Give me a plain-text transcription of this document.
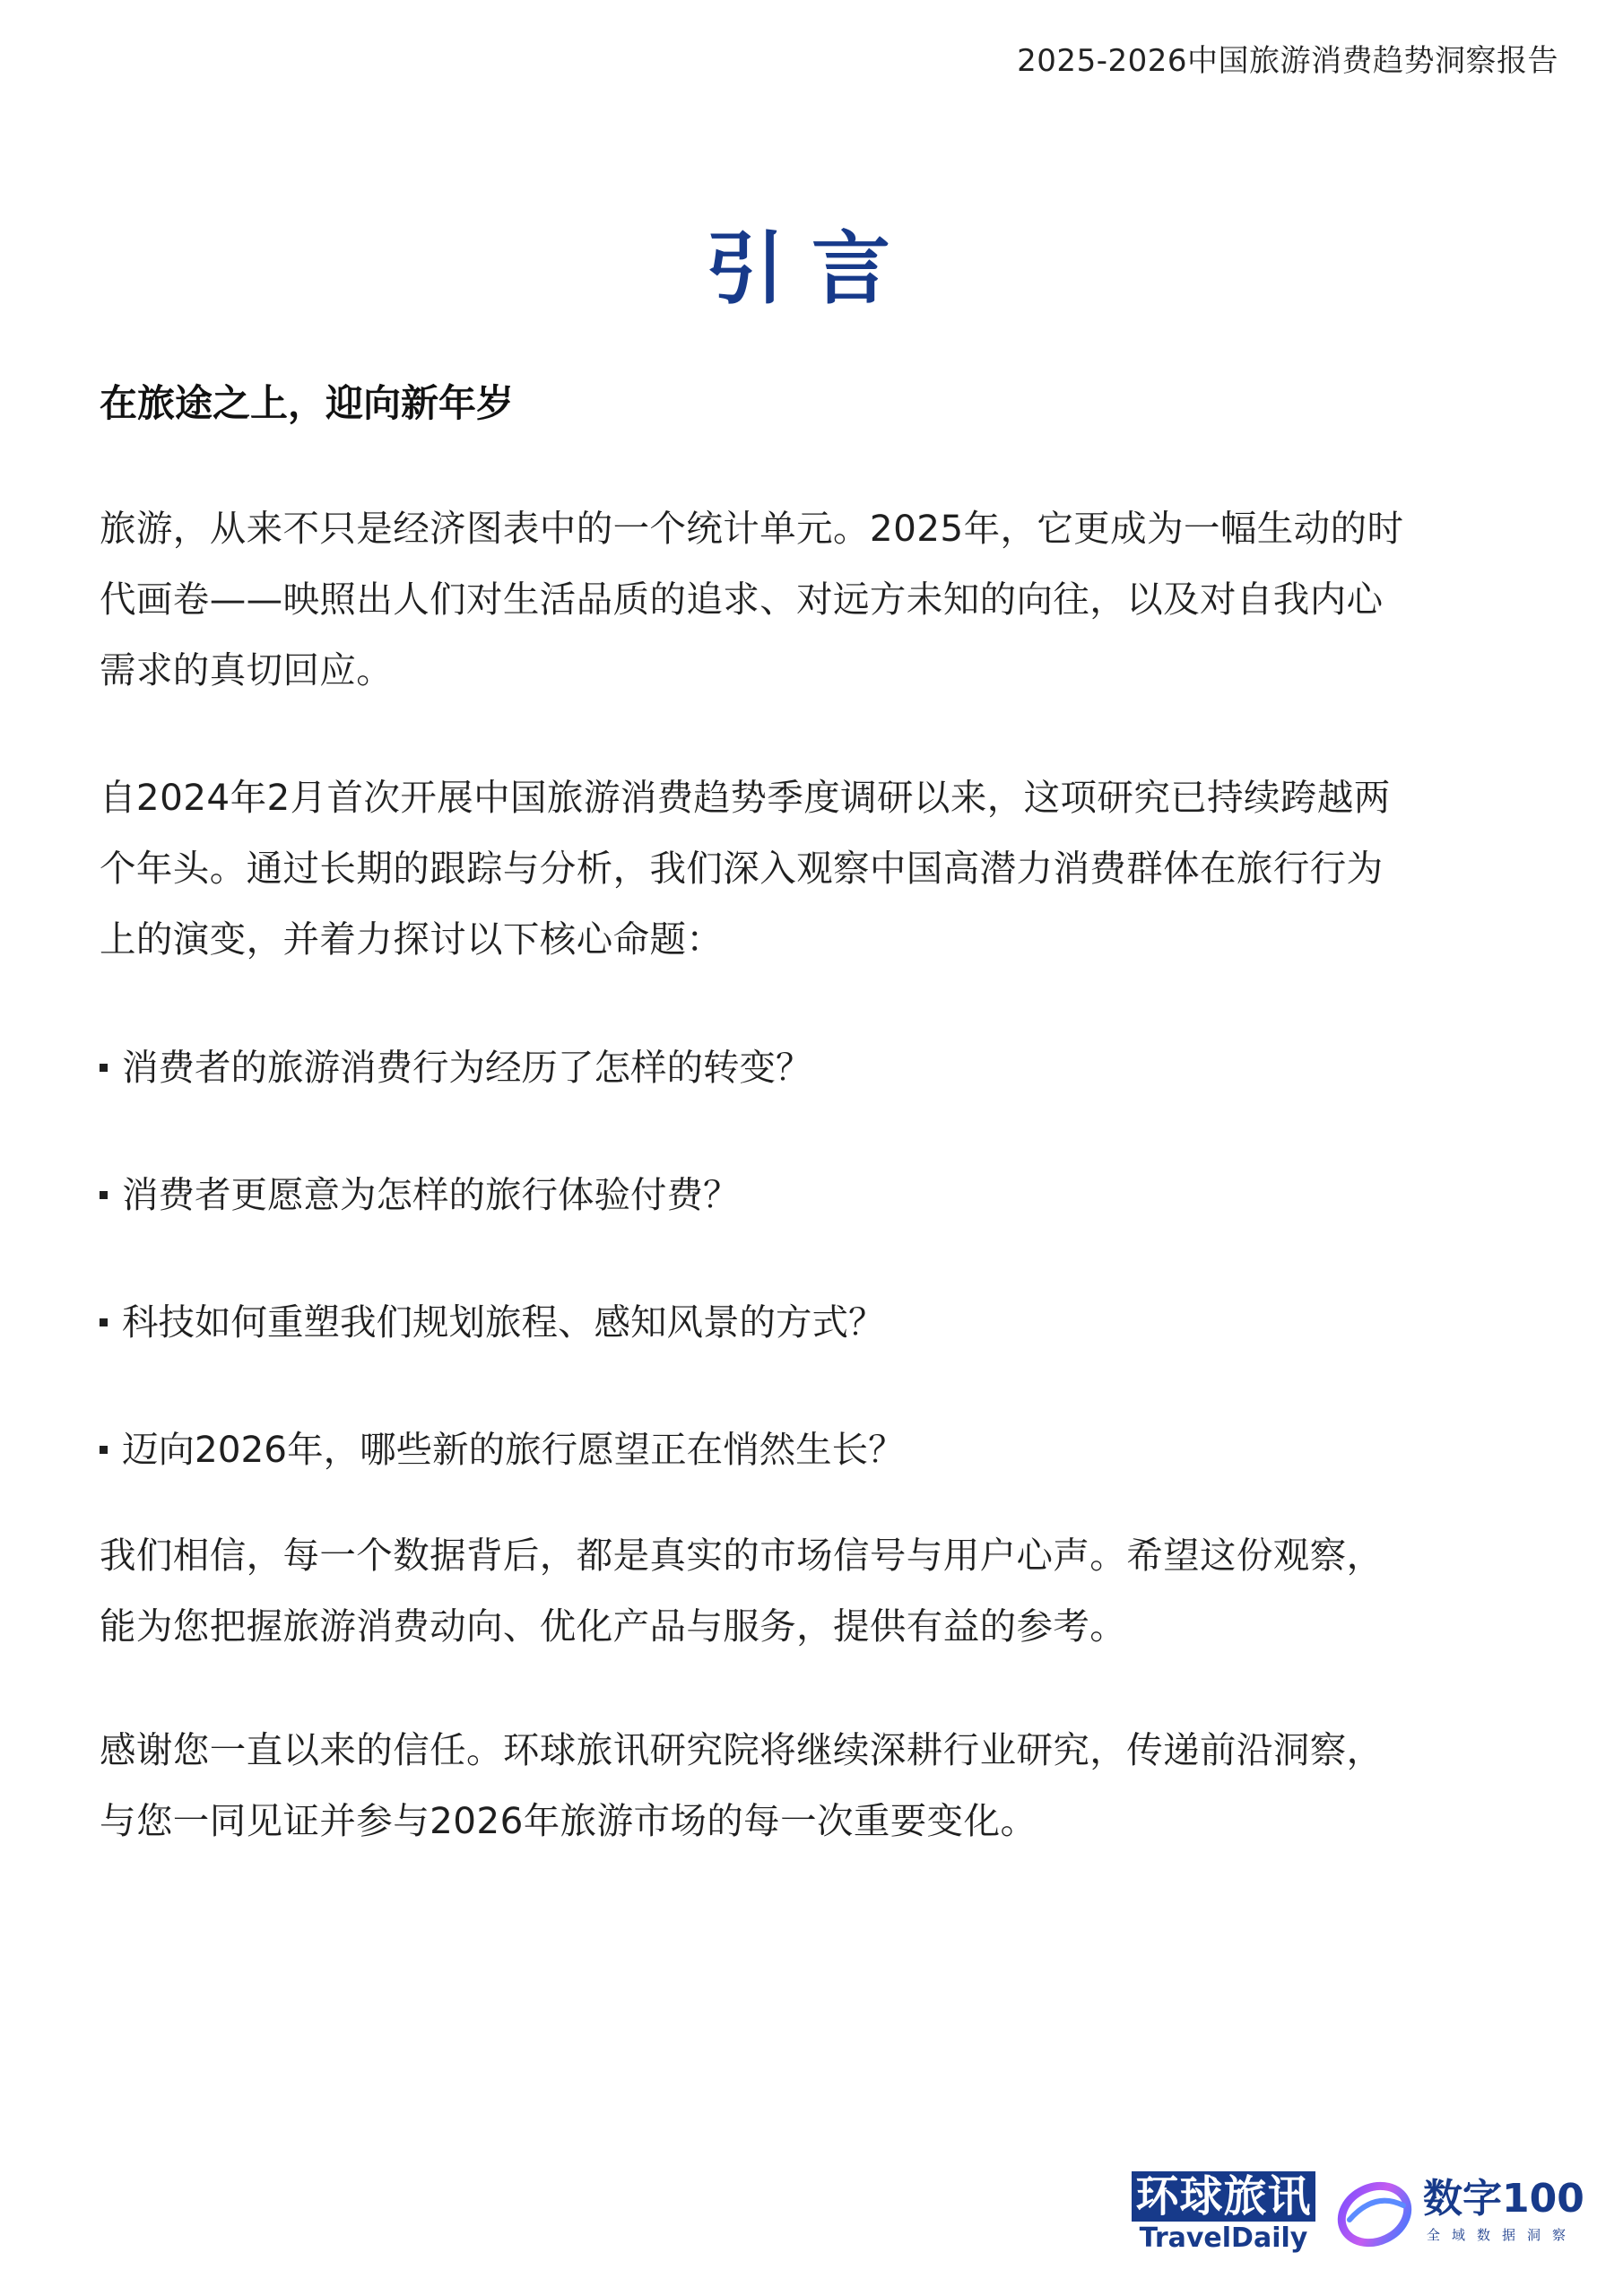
2025-2026中国旅游消费趋势洞察报告
引言

在旅途之上，迎向新年岁

旅游，从来不只是经济图表中的一个统计单元。2025年，它更成为一幅生动的时
代画卷——映照出人们对生活品质的追求、对远方未知的向往，以及对自我内心
需求的真切回应。
自2024年2月首次开展中国旅游消费趋势季度调研以来，这项研究已持续跨越两
个年头。通过长期的跟踪与分析，我们深入观察中国高潜力消费群体在旅行行为
上的演变，并着力探讨以下核心命题：
消费者的旅游消费行为经历了怎样的转变？
消费者更愿意为怎样的旅行体验付费？
科技如何重塑我们规划旅程、感知风景的方式？
迈向2026年，哪些新的旅行愿望正在悄然生长？
我们相信，每一个数据背后，都是真实的市场信号与用户心声。希望这份观察，
能为您把握旅游消费动向、优化产品与服务，提供有益的参考。
感谢您一直以来的信任。环球旅讯研究院将继续深耕行业研究，传递前沿洞察，
与您一同见证并参与2026年旅游市场的每一次重要变化。
环球旅讯
TravelDaily
数字100
全域数据洞察
